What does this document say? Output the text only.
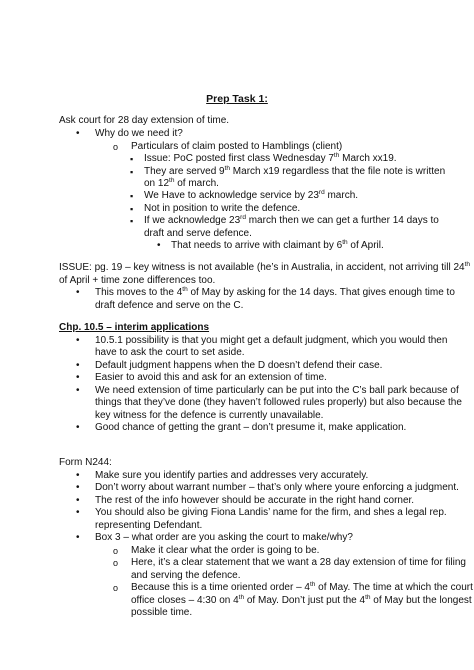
Prep Task 1:
Ask court for 28 day extension of time.
• Why do we need it?
o Particulars of claim posted to Hamblings (client)
▪ Issue: PoC posted first class Wednesday 7th March xx19.
▪ They are served 9th March x19 regardless that the file note is written
on 12th of march.
▪ We Have to acknowledge service by 23rd march.
▪ Not in position to write the defence.
▪ If we acknowledge 23rd march then we can get a further 14 days to
draft and serve defence.
• That needs to arrive with claimant by 6th of April.
ISSUE: pg. 19 – key witness is not available (he’s in Australia, in accident, not arriving till 24th
of April + time zone differences too.
• This moves to the 4th of May by asking for the 14 days. That gives enough time to
draft defence and serve on the C.
Chp. 10.5 – interim applications
• 10.5.1 possibility is that you might get a default judgment, which you would then
have to ask the court to set aside.
• Default judgment happens when the D doesn’t defend their case.
• Easier to avoid this and ask for an extension of time.
• We need extension of time particularly can be put into the C’s ball park because of
things that they’ve done (they haven’t followed rules properly) but also because the
key witness for the defence is currently unavailable.
• Good chance of getting the grant – don’t presume it, make application.
Form N244:
• Make sure you identify parties and addresses very accurately.
• Don’t worry about warrant number – that’s only where youre enforcing a judgment.
• The rest of the info however should be accurate in the right hand corner.
• You should also be giving Fiona Landis’ name for the firm, and shes a legal rep.
representing Defendant.
• Box 3 – what order are you asking the court to make/why?
o Make it clear what the order is going to be.
o Here, it’s a clear statement that we want a 28 day extension of time for filing
and serving the defence.
o Because this is a time oriented order – 4th of May. The time at which the court
office closes – 4:30 on 4th of May. Don’t just put the 4th of May but the longest
possible time.
